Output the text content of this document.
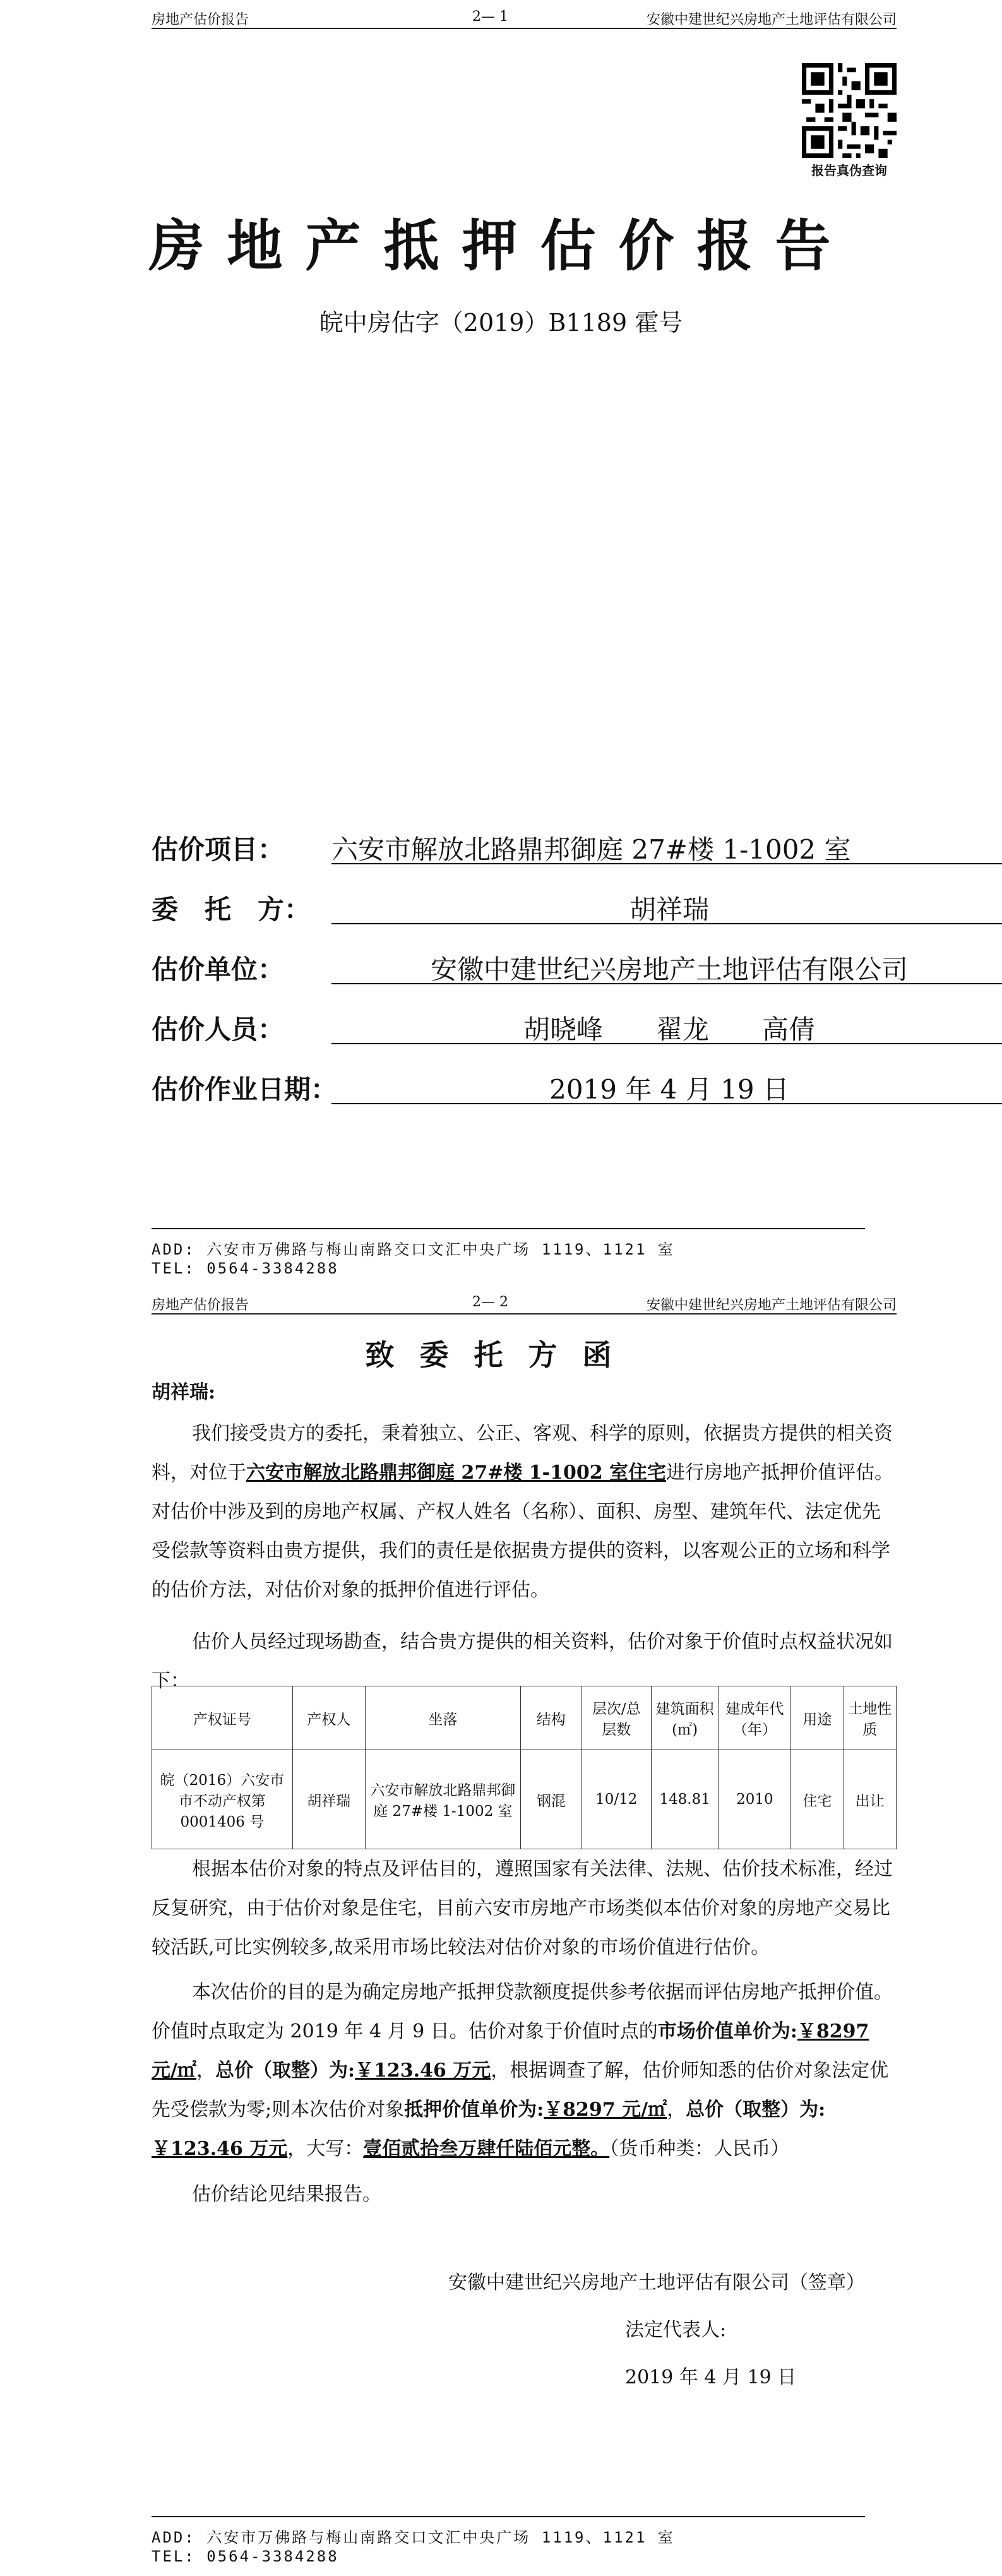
房地产估价报告	2— 1	安徽中建世纪兴房地产土地评估有限公司
报告真伪查询
房地产抵押估价报告
皖中房估字（2019）B1189 霍号
估价项目： 六安市解放北路鼎邦御庭 27#楼 1-1002 室
委　托　方：	胡祥瑞
估价单位：	安徽中建世纪兴房地产土地评估有限公司
估价人员：	胡晓峰　　翟龙　　高倩
估价作业日期：	2019 年 4 月 19 日
ADD: 六安市万佛路与梅山南路交口文汇中央广场 1119、1121 室
TEL: 0564-3384288
房地产估价报告	2— 2	安徽中建世纪兴房地产土地评估有限公司
致委托方函
胡祥瑞:
我们接受贵方的委托，秉着独立、公正、客观、科学的原则，依据贵方提供的相关资料，对位于六安市解放北路鼎邦御庭 27#楼 1-1002 室住宅进行房地产抵押价值评估。对估价中涉及到的房地产权属、产权人姓名（名称）、面积、房型、建筑年代、法定优先受偿款等资料由贵方提供，我们的责任是依据贵方提供的资料，以客观公正的立场和科学的估价方法，对估价对象的抵押价值进行评估。
估价人员经过现场勘查，结合贵方提供的相关资料，估价对象于价值时点权益状况如下：
产权证号	产权人	坐落	结构	层次/总层数	建筑面积(㎡)	建成年代（年）	用途	土地性质
皖（2016）六安市市不动产权第0001406 号	胡祥瑞	六安市解放北路鼎邦御庭 27#楼 1-1002 室	钢混	10/12	148.81	2010	住宅	出让
根据本估价对象的特点及评估目的，遵照国家有关法律、法规、估价技术标准，经过反复研究，由于估价对象是住宅，目前六安市房地产市场类似本估价对象的房地产交易比较活跃,可比实例较多,故采用市场比较法对估价对象的市场价值进行估价。
本次估价的目的是为确定房地产抵押贷款额度提供参考依据而评估房地产抵押价值。价值时点取定为 2019 年 4 月 9 日。估价对象于价值时点的市场价值单价为:￥8297 元/㎡，总价（取整）为:￥123.46 万元，根据调查了解，估价师知悉的估价对象法定优先受偿款为零;则本次估价对象抵押价值单价为:￥8297 元/㎡，总价（取整）为:￥123.46 万元，大写：壹佰贰拾叁万肆仟陆佰元整。（货币种类：人民币）
估价结论见结果报告。
安徽中建世纪兴房地产土地评估有限公司（签章）
法定代表人:
2019 年 4 月 19 日
ADD: 六安市万佛路与梅山南路交口文汇中央广场 1119、1121 室
TEL: 0564-3384288
